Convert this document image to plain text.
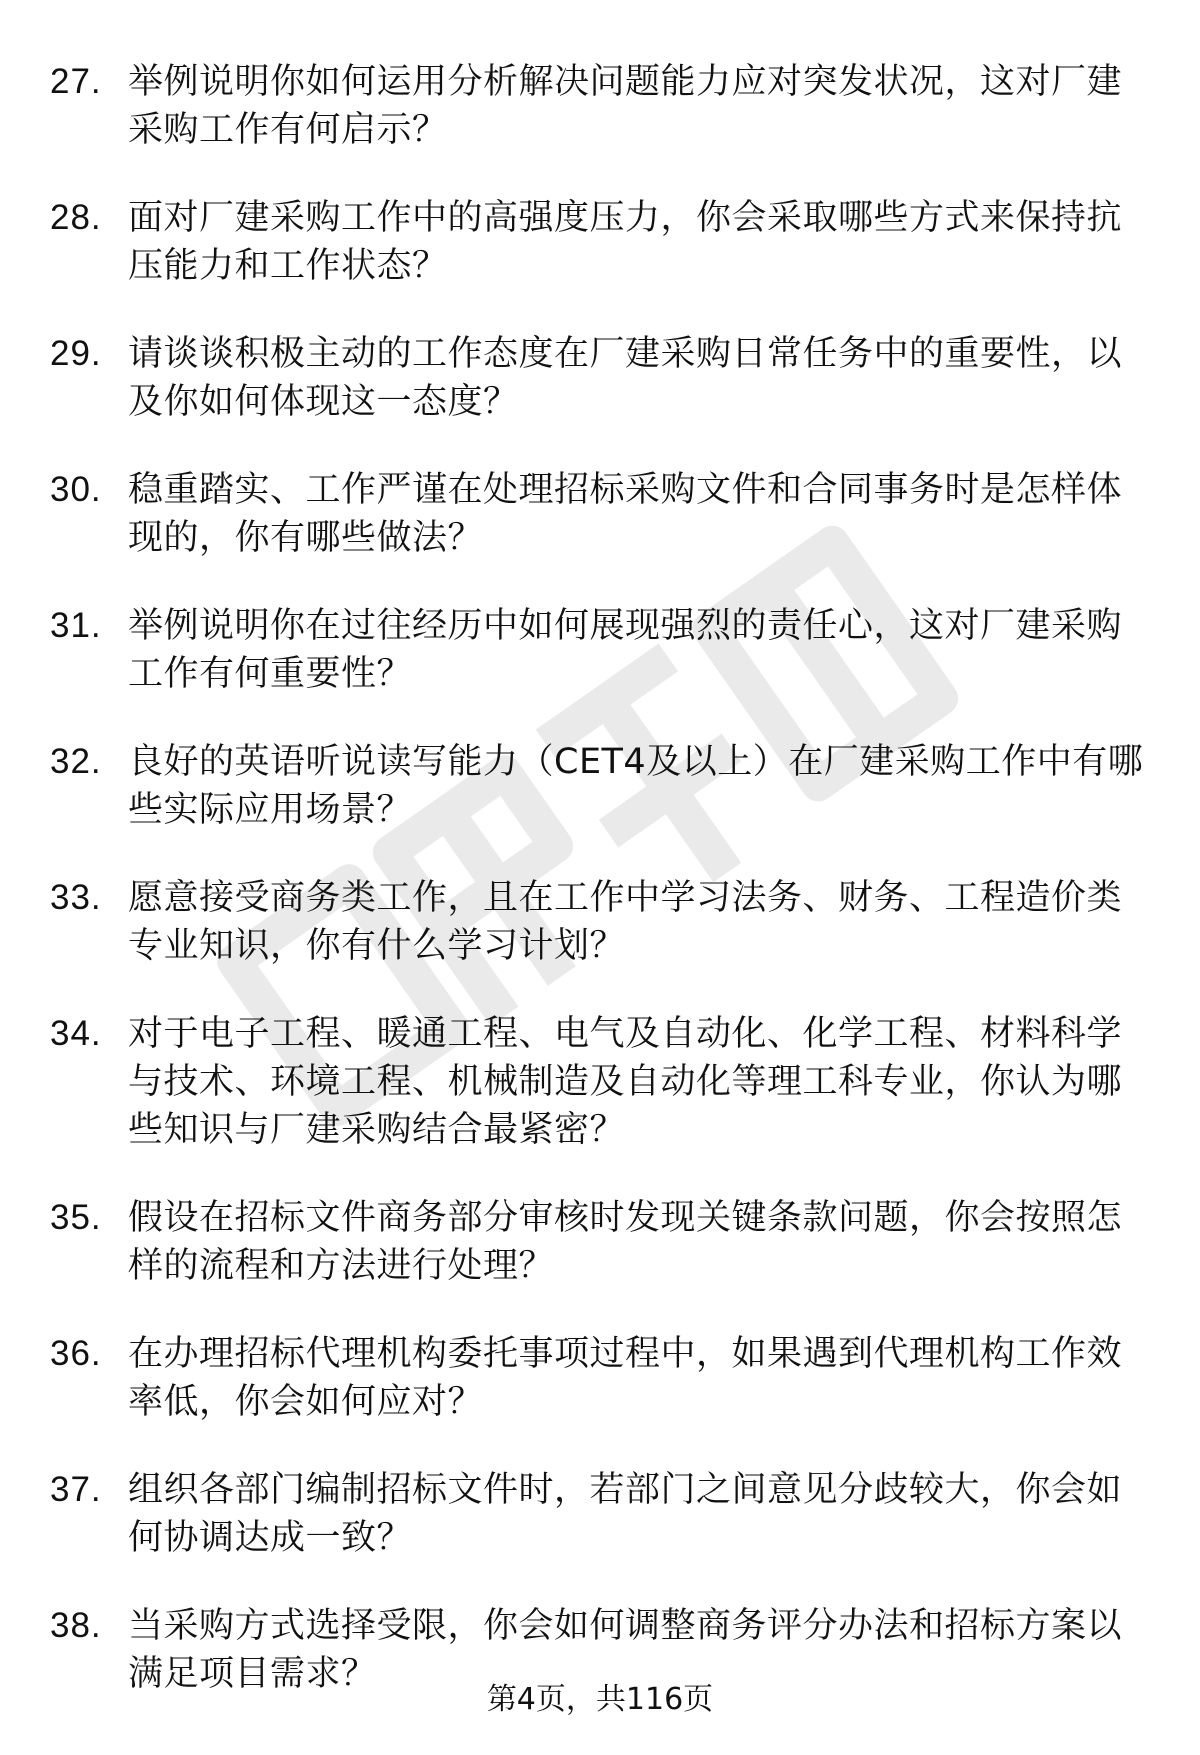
27. 举例说明你如何运用分析解决问题能力应对突发状况，这对厂建采购工作有何启示？
28. 面对厂建采购工作中的高强度压力，你会采取哪些方式来保持抗压能力和工作状态？
29. 请谈谈积极主动的工作态度在厂建采购日常任务中的重要性，以及你如何体现这一态度？
30. 稳重踏实、工作严谨在处理招标采购文件和合同事务时是怎样体现的，你有哪些做法？
31. 举例说明你在过往经历中如何展现强烈的责任心，这对厂建采购工作有何重要性？
32. 良好的英语听说读写能力（CET4及以上）在厂建采购工作中有哪些实际应用场景？
33. 愿意接受商务类工作，且在工作中学习法务、财务、工程造价类专业知识，你有什么学习计划？
34. 对于电子工程、暖通工程、电气及自动化、化学工程、材料科学与技术、环境工程、机械制造及自动化等理工科专业，你认为哪些知识与厂建采购结合最紧密？
35. 假设在招标文件商务部分审核时发现关键条款问题，你会按照怎样的流程和方法进行处理？
36. 在办理招标代理机构委托事项过程中，如果遇到代理机构工作效率低，你会如何应对？
37. 组织各部门编制招标文件时，若部门之间意见分歧较大，你会如何协调达成一致？
38. 当采购方式选择受限，你会如何调整商务评分办法和招标方案以满足项目需求？
第4页，共116页
